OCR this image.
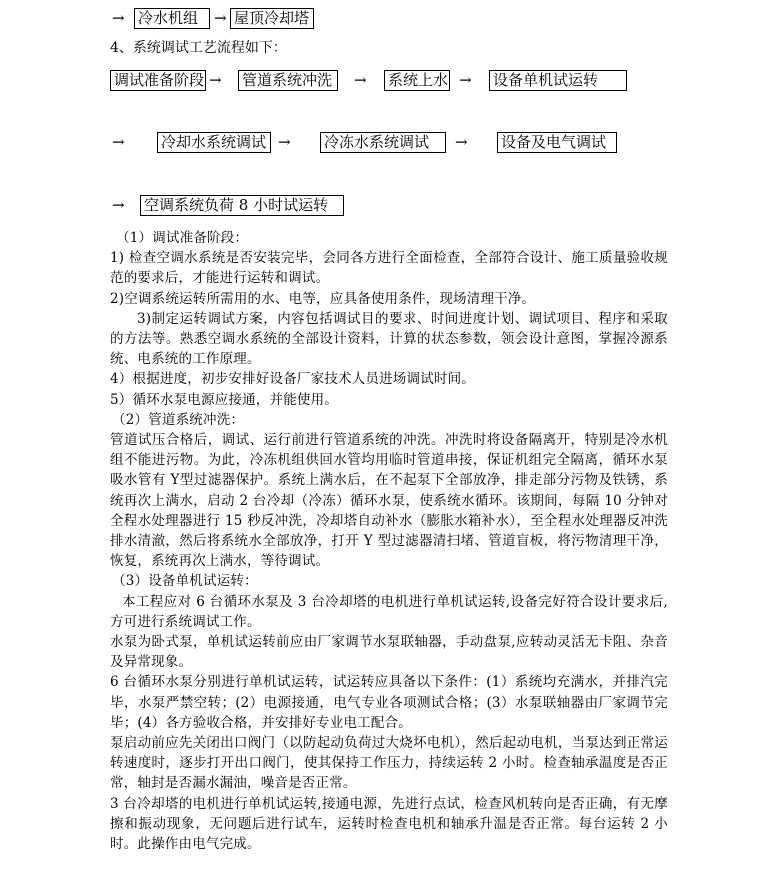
→ 冷水机组	→ 屋顶冷却塔
4、系统调试工艺流程如下：
调试准备阶段 → 管道系统冲洗	→ 系统上水 → 设备单机试运转
→ 冷却水系统调试 → 冷冻水系统调试	→ 设备及电气调试
→ 空调系统负荷 8 小时试运转

（1）调试准备阶段：

1) 检查空调水系统是否安装完毕，会同各方进行全面检查，全部符合设计、施工质量验收规范的要求后，才能进行运转和调试。

2)空调系统运转所需用的水、电等，应具备使用条件，现场清理干净。

3)制定运转调试方案，内容包括调试目的要求、时间进度计划、调试项目、程序和采取的方法等。熟悉空调水系统的全部设计资料，计算的状态参数，领会设计意图，掌握冷源系统、电系统的工作原理。

4）根据进度，初步安排好设备厂家技术人员进场调试时间。

5）循环水泵电源应接通，并能使用。

（2）管道系统冲洗：

管道试压合格后，调试、运行前进行管道系统的冲洗。冲洗时将设备隔离开，特别是冷水机组不能进污物。为此，冷冻机组供回水管均用临时管道串接，保证机组完全隔离，循环水泵吸水管有 Y型过滤器保护。系统上满水后，在不起泵下全部放净，排走部分污物及铁锈，系统再次上满水，启动 2 台冷却（冷冻）循环水泵，使系统水循环。该期间，每隔 10 分钟对全程水处理器进行 15 秒反冲洗，冷却塔自动补水（膨胀水箱补水），至全程水处理器反冲洗排水清澈，然后将系统水全部放净，打开 Y 型过滤器清扫堵、管道盲板，将污物清理干净，恢复，系统再次上满水，等待调试。

（3）设备单机试运转：

本工程应对 6 台循环水泵及 3 台冷却塔的电机进行单机试运转,设备完好符合设计要求后,方可进行系统调试工作。

水泵为卧式泵，单机试运转前应由厂家调节水泵联轴器，手动盘泵,应转动灵活无卡阻、杂音及异常现象。

6 台循环水泵分别进行单机试运转，试运转应具备以下条件：(1）系统均充满水，并排汽完毕，水泵严禁空转；(2）电源接通，电气专业各项测试合格；(3）水泵联轴器由厂家调节完毕；(4）各方验收合格，并安排好专业电工配合。

泵启动前应先关闭出口阀门（以防起动负荷过大烧坏电机），然后起动电机，当泵达到正常运转速度时，逐步打开出口阀门，使其保持工作压力，持续运转 2 小时。检查轴承温度是否正常，轴封是否漏水漏油，噪音是否正常。

3 台冷却塔的电机进行单机试运转,接通电源，先进行点试，检查风机转向是否正确，有无摩擦和振动现象，无问题后进行试车，运转时检查电机和轴承升温是否正常。每台运转 2 小时。此操作由电气完成。
